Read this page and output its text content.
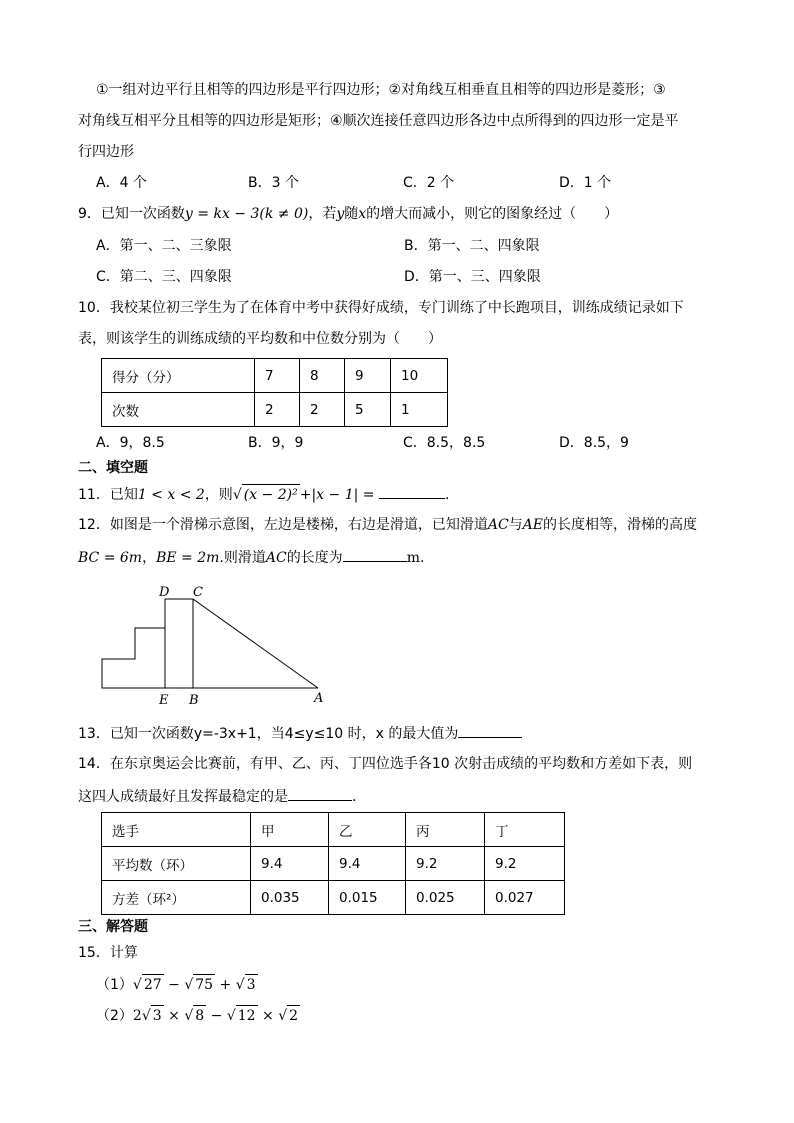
①一组对边平行且相等的四边形是平行四边形；②对角线互相垂直且相等的四边形是菱形；③
对角线互相平分且相等的四边形是矩形；④顺次连接任意四边形各边中点所得到的四边形一定是平
行四边形
A．4 个	B．3 个	C．2 个	D．1 个
9．已知一次函数y = kx − 3(k ≠ 0)，若y随x的增大而减小，则它的图象经过（　　）
A．第一、二、三象限	B．第一、二、四象限
C．第二、三、四象限	D．第一、三、四象限
10．我校某位初三学生为了在体育中考中获得好成绩，专门训练了中长跑项目，训练成绩记录如下
表，则该学生的训练成绩的平均数和中位数分别为（　　）
得分（分）	7	8	9	10
次数	2	2	5	1
A．9，8.5	B．9，9	C．8.5，8.5	D．8.5，9
二、填空题
11．已知1 < x < 2，则√ (x − 2)² +|x − 1| =	.
12．如图是一个滑梯示意图，左边是楼梯，右边是滑道，已知滑道AC与AE的长度相等，滑梯的高度
BC = 6m，BE = 2m.则滑道AC的长度为	m.
D C
E B	A
13．已知一次函数y=-3x+1，当4≤y≤10 时，x 的最大值为
14．在东京奥运会比赛前，有甲、乙、丙、丁四位选手各10 次射击成绩的平均数和方差如下表，则
这四人成绩最好且发挥最稳定的是	．
选手	甲	乙	丙	丁
平均数（环）	9.4	9.4	9.2	9.2
方差（环²）	0.035	0.015	0.025	0.027
三、解答题
15．计算
（1）√ 27 − √ 75 + √ 3
（2）2√ 3 × √ 8 − √ 12 × √ 2
